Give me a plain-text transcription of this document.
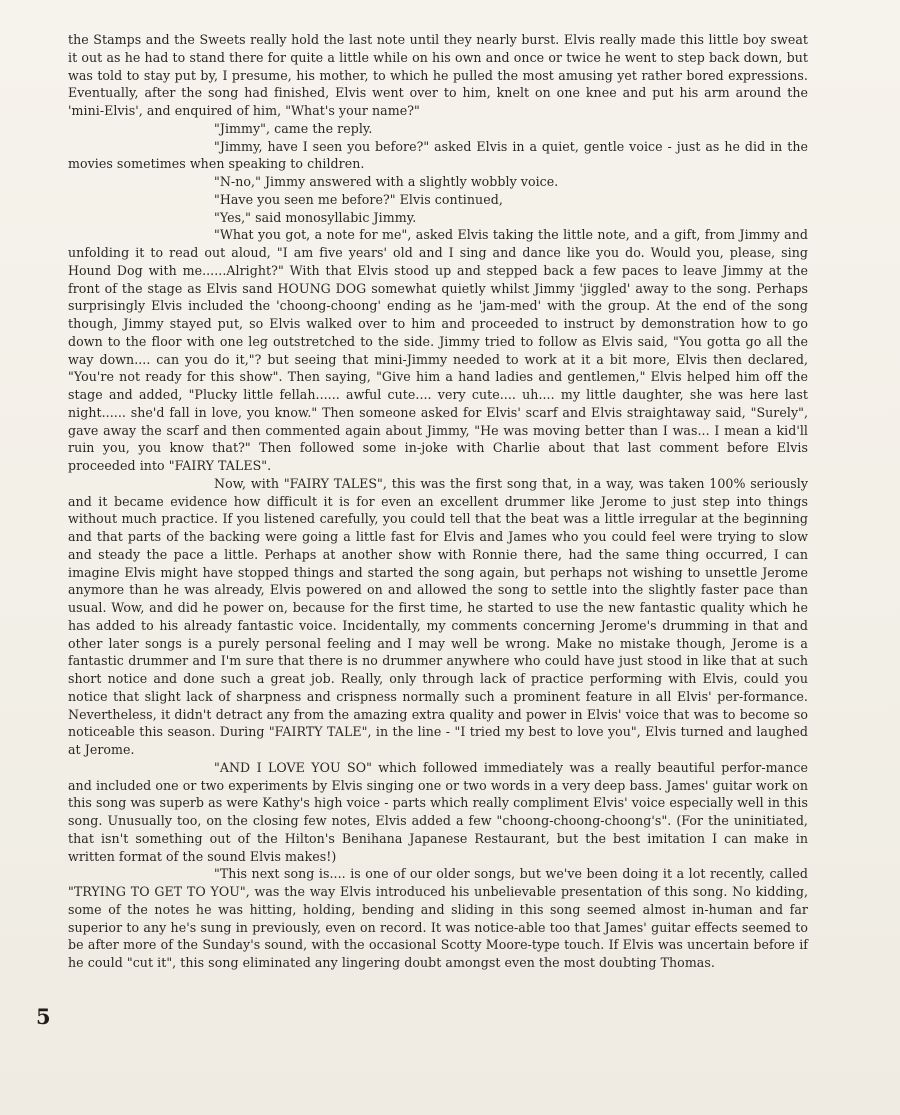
the Stamps and the Sweets really hold the last note until they nearly burst. Elvis really made this little boy sweat it out as he had to stand there for quite a little while on his own and once or twice he went to step back down, but was told to stay put by, I presume, his mother, to which he pulled the most amusing yet rather bored expressions. Eventually, after the song had finished, Elvis went over to him, knelt on one knee and put his arm around the 'mini-Elvis', and enquired of him, "What's your name?"

"Jimmy", came the reply.

"Jimmy, have I seen you before?" asked Elvis in a quiet, gentle voice - just as he did in the movies sometimes when speaking to children.

"N-no," Jimmy answered with a slightly wobbly voice.

"Have you seen me before?" Elvis continued,

"Yes," said monosyllabic Jimmy.

"What you got, a note for me", asked Elvis taking the little note, and a gift, from Jimmy and unfolding it to read out aloud, "I am five years' old and I sing and dance like you do. Would you, please, sing Hound Dog with me......Alright?" With that Elvis stood up and stepped back a few paces to leave Jimmy at the front of the stage as Elvis sand HOUNG DOG somewhat quietly whilst Jimmy 'jiggled' away to the song. Perhaps surprisingly Elvis included the 'choong-choong' ending as he 'jam-med' with the group. At the end of the song though, Jimmy stayed put, so Elvis walked over to him and proceeded to instruct by demonstration how to go down to the floor with one leg outstretched to the side. Jimmy tried to follow as Elvis said, "You gotta go all the way down.... can you do it,"? but seeing that mini-Jimmy needed to work at it a bit more, Elvis then declared, "You're not ready for this show". Then saying, "Give him a hand ladies and gentlemen," Elvis helped him off the stage and added, "Plucky little fellah...... awful cute.... very cute.... uh.... my little daughter, she was here last night...... she'd fall in love, you know." Then someone asked for Elvis' scarf and Elvis straightaway said, "Surely", gave away the scarf and then commented again about Jimmy, "He was moving better than I was... I mean a kid'll ruin you, you know that?" Then followed some in-joke with Charlie about that last comment before Elvis proceeded into "FAIRY TALES".

Now, with "FAIRY TALES", this was the first song that, in a way, was taken 100% seriously and it became evidence how difficult it is for even an excellent drummer like Jerome to just step into things without much practice. If you listened carefully, you could tell that the beat was a little irregular at the beginning and that parts of the backing were going a little fast for Elvis and James who you could feel were trying to slow and steady the pace a little. Perhaps at another show with Ronnie there, had the same thing occurred, I can imagine Elvis might have stopped things and started the song again, but perhaps not wishing to unsettle Jerome anymore than he was already, Elvis powered on and allowed the song to settle into the slightly faster pace than usual. Wow, and did he power on, because for the first time, he started to use the new fantastic quality which he has added to his already fantastic voice. Incidentally, my comments concerning Jerome's drumming in that and other later songs is a purely personal feeling and I may well be wrong. Make no mistake though, Jerome is a fantastic drummer and I'm sure that there is no drummer anywhere who could have just stood in like that at such short notice and done such a great job. Really, only through lack of practice performing with Elvis, could you notice that slight lack of sharpness and crispness normally such a prominent feature in all Elvis' per-formance. Nevertheless, it didn't detract any from the amazing extra quality and power in Elvis' voice that was to become so noticeable this season. During "FAIRTY TALE", in the line - "I tried my best to love you", Elvis turned and laughed at Jerome.

"AND I LOVE YOU SO" which followed immediately was a really beautiful perfor-mance and included one or two experiments by Elvis singing one or two words in a very deep bass. James' guitar work on this song was superb as were Kathy's high voice - parts which really compliment Elvis' voice especially well in this song. Unusually too, on the closing few notes, Elvis added a few "choong-choong-choong's". (For the uninitiated, that isn't something out of the Hilton's Benihana Japanese Restaurant, but the best imitation I can make in written format of the sound Elvis makes!)

"This next song is.... is one of our older songs, but we've been doing it a lot recently, called "TRYING TO GET TO YOU", was the way Elvis introduced his unbelievable presentation of this song. No kidding, some of the notes he was hitting, holding, bending and sliding in this song seemed almost in-human and far superior to any he's sung in previously, even on record. It was notice-able too that James' guitar effects seemed to be after more of the Sunday's sound, with the occasional Scotty Moore-type touch. If Elvis was uncertain before if he could "cut it", this song eliminated any lingering doubt amongst even the most doubting Thomas.

5
